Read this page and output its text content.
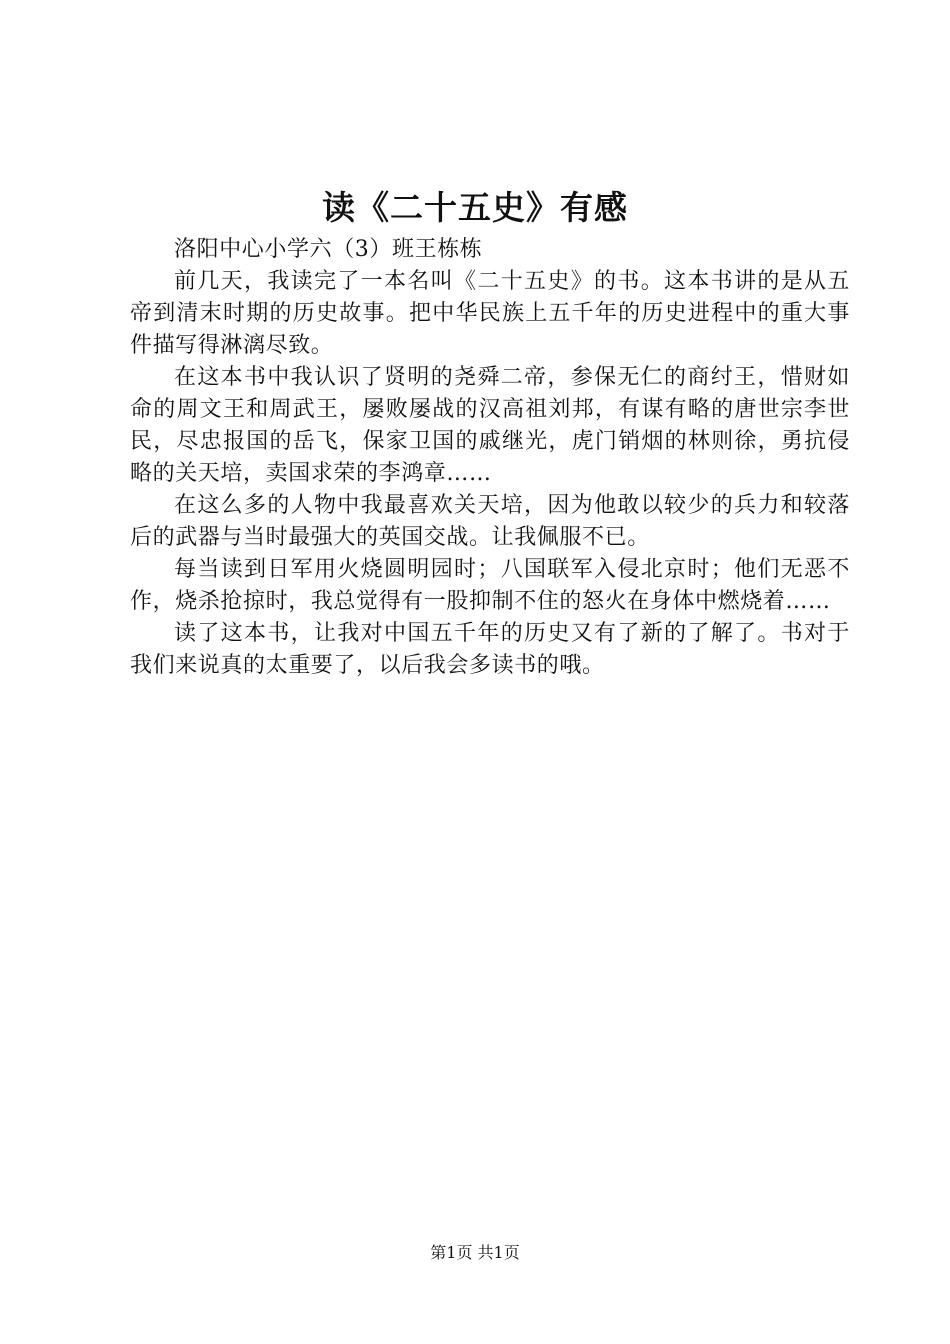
读《二十五史》有感

洛阳中心小学六（3）班王栋栋

前几天，我读完了一本名叫《二十五史》的书。这本书讲的是从五帝到清末时期的历史故事。把中华民族上五千年的历史进程中的重大事件描写得淋漓尽致。

在这本书中我认识了贤明的尧舜二帝，参保无仁的商纣王，惜财如命的周文王和周武王，屡败屡战的汉高祖刘邦，有谋有略的唐世宗李世民，尽忠报国的岳飞，保家卫国的戚继光，虎门销烟的林则徐，勇抗侵略的关天培，卖国求荣的李鸿章……

在这么多的人物中我最喜欢关天培，因为他敢以较少的兵力和较落后的武器与当时最强大的英国交战。让我佩服不已。

每当读到日军用火烧圆明园时；八国联军入侵北京时；他们无恶不作，烧杀抢掠时，我总觉得有一股抑制不住的怒火在身体中燃烧着……

读了这本书，让我对中国五千年的历史又有了新的了解了。书对于我们来说真的太重要了，以后我会多读书的哦。

第1页 共1页
